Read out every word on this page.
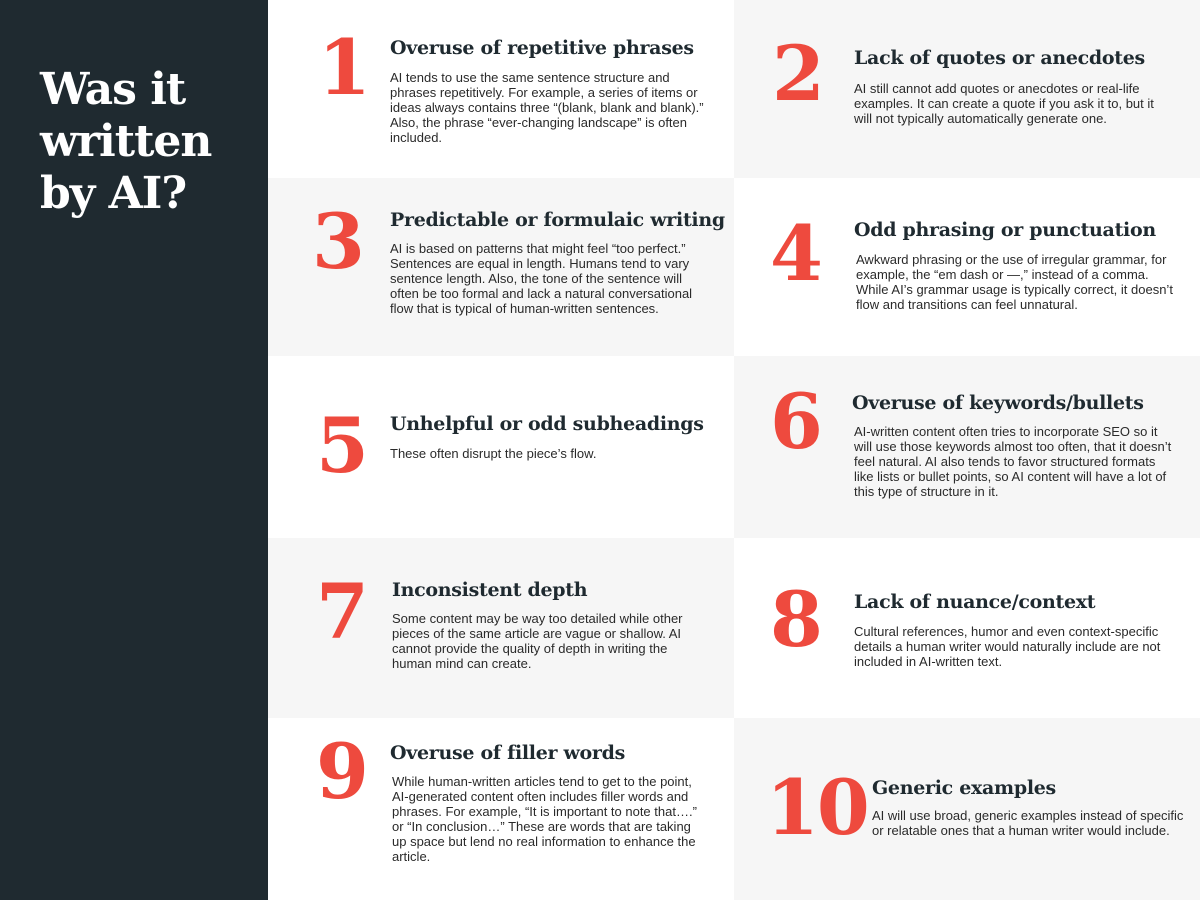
Was it written by AI?
1 Overuse of repetitive phrases
AI tends to use the same sentence structure and phrases repetitively. For example, a series of items or ideas always contains three “(blank, blank and blank).” Also, the phrase “ever-changing landscape” is often included.
2 Lack of quotes or anecdotes
AI still cannot add quotes or anecdotes or real-life examples. It can create a quote if you ask it to, but it will not typically automatically generate one.
3 Predictable or formulaic writing
AI is based on patterns that might feel “too perfect.” Sentences are equal in length. Humans tend to vary sentence length. Also, the tone of the sentence will often be too formal and lack a natural conversational flow that is typical of human-written sentences.
4 Odd phrasing or punctuation
Awkward phrasing or the use of irregular grammar, for example, the “em dash or —,” instead of a comma. While AI’s grammar usage is typically correct, it doesn’t flow and transitions can feel unnatural.
5 Unhelpful or odd subheadings
These often disrupt the piece’s flow.	6 Overuse of keywords/bullets
AI-written content often tries to incorporate SEO so it will use those keywords almost too often, that it doesn’t feel natural. AI also tends to favor structured formats like lists or bullet points, so AI content will have a lot of this type of structure in it.
7 Inconsistent depth
Some content may be way too detailed while other pieces of the same article are vague or shallow. AI cannot provide the quality of depth in writing the human mind can create.	8 Lack of nuance/context
Cultural references, humor and even context-specific details a human writer would naturally include are not included in AI-written text.
9 Overuse of filler words
While human-written articles tend to get to the point, AI-generated content often includes filler words and phrases. For example, “It is important to note that….” or “In conclusion…” These are words that are taking up space but lend no real information to enhance the article.
10 Generic examples
AI will use broad, generic examples instead of specific or relatable ones that a human writer would include.
